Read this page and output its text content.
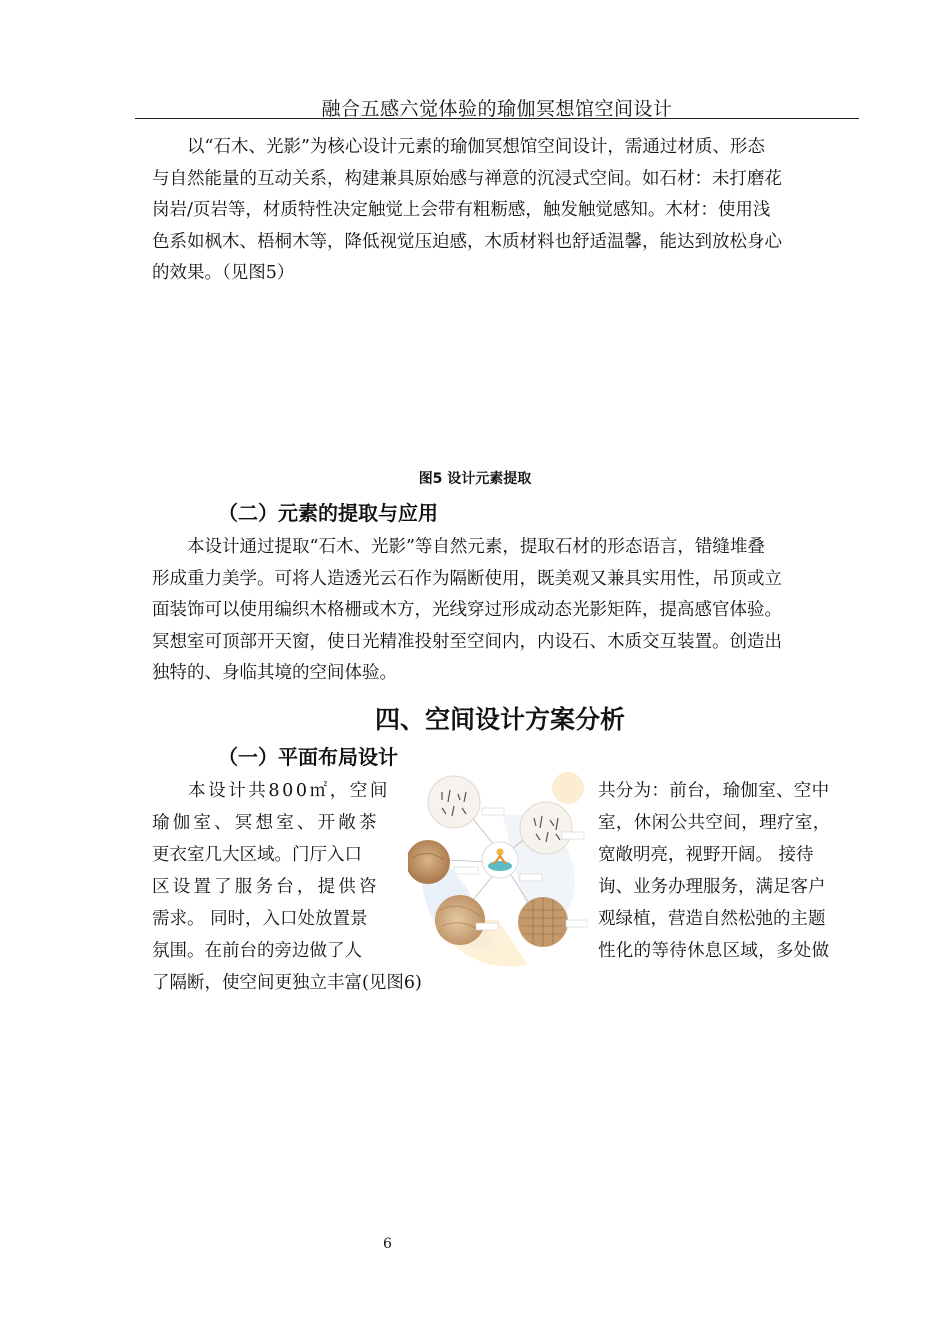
融合五感六觉体验的瑜伽冥想馆空间设计

以“石木、光影”为核心设计元素的瑜伽冥想馆空间设计，需通过材质、形态

与自然能量的互动关系，构建兼具原始感与禅意的沉浸式空间。如石材：未打磨花

岗岩/页岩等，材质特性决定触觉上会带有粗粝感，触发触觉感知。木材：使用浅

色系如枫木、梧桐木等，降低视觉压迫感，木质材料也舒适温馨，能达到放松身心

的效果。（见图5）

图5 设计元素提取
（二）元素的提取与应用

本设计通过提取“石木、光影”等自然元素，提取石材的形态语言，错缝堆叠

形成重力美学。可将人造透光云石作为隔断使用，既美观又兼具实用性，吊顶或立

面装饰可以使用编织木格栅或木方，光线穿过形成动态光影矩阵，提高感官体验。

冥想室可顶部开天窗，使日光精准投射至空间内，内设石、木质交互装置。创造出

独特的、身临其境的空间体验。

四、空间设计方案分析
（一）平面布局设计
本设计共800㎡，空间
瑜伽室、冥想室、开敞茶
更衣室几大区域。门厅入口
区设置了服务台，提供咨
需求。 同时，入口处放置景
氛围。在前台的旁边做了人
共分为：前台，瑜伽室、空中
室，休闲公共空间，理疗室，
宽敞明亮，视野开阔。 接待
询、业务办理服务，满足客户
观绿植，营造自然松弛的主题
性化的等待休息区域，多处做
了隔断，使空间更独立丰富(见图6)
6
